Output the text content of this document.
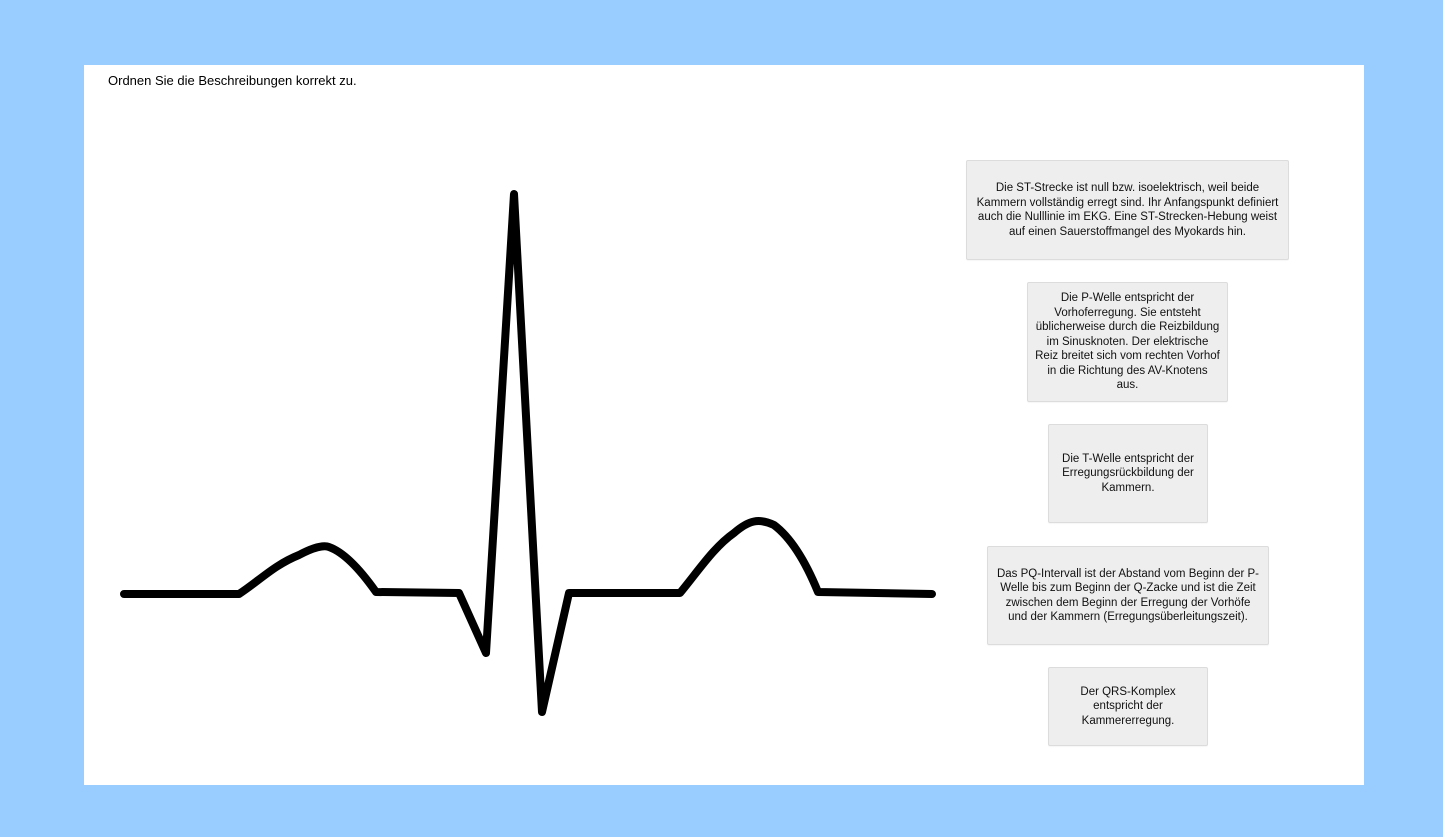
Ordnen Sie die Beschreibungen korrekt zu.
Die ST-Strecke ist null bzw. isoelektrisch, weil beide Kammern vollständig erregt sind. Ihr Anfangspunkt definiert auch die Nulllinie im EKG. Eine ST-Strecken-Hebung weist auf einen Sauerstoffmangel des Myokards hin.
Die P-Welle entspricht der Vorhoferregung. Sie entsteht üblicherweise durch die Reizbildung im Sinusknoten. Der elektrische Reiz breitet sich vom rechten Vorhof in die Richtung des AV-Knotens aus.
Die T-Welle entspricht der Erregungsrückbildung der Kammern.
Das PQ-Intervall ist der Abstand vom Beginn der P-Welle bis zum Beginn der Q-Zacke und ist die Zeit zwischen dem Beginn der Erregung der Vorhöfe und der Kammern (Erregungsüberleitungszeit).
Der QRS-Komplex entspricht der Kammererregung.
